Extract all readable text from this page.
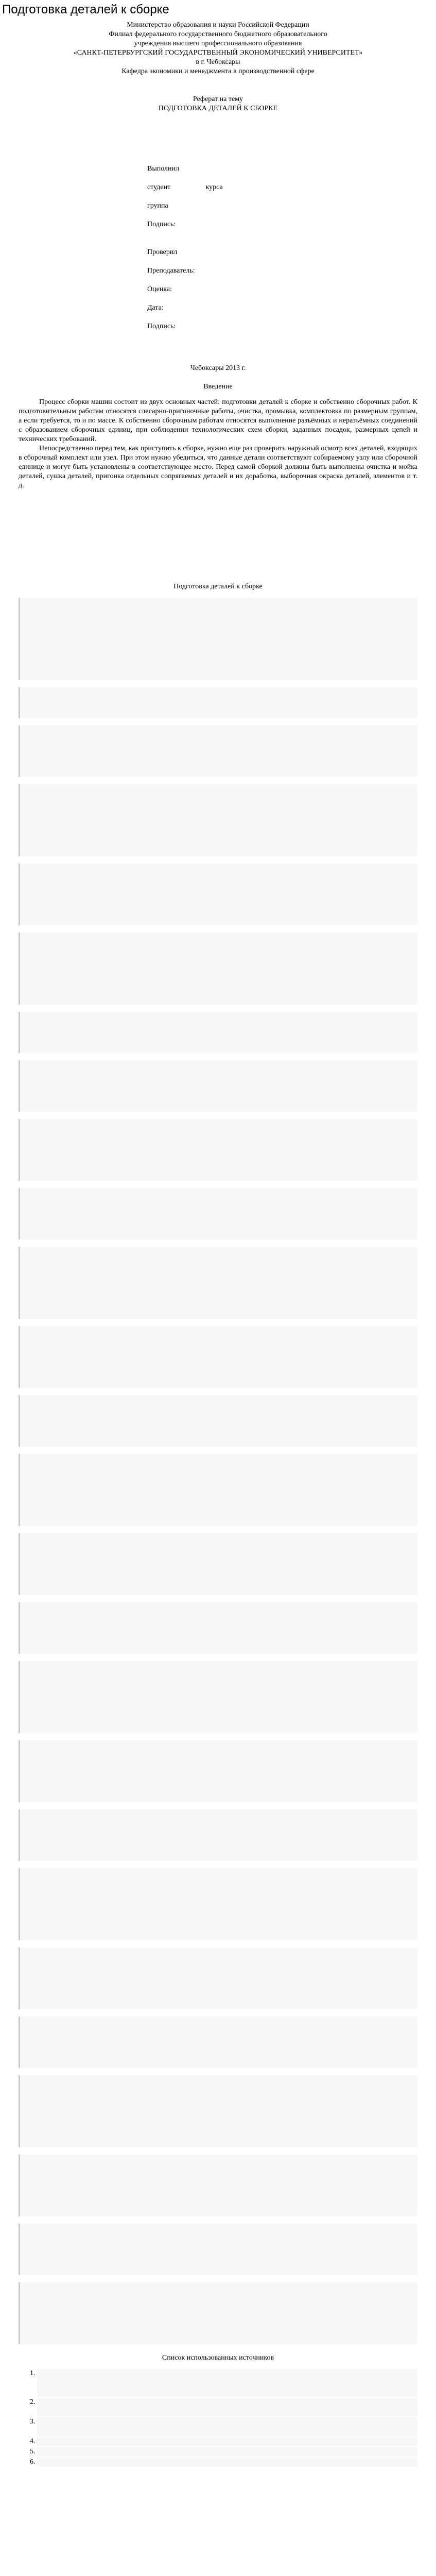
Подготовка деталей к сборке

Министерство образования и науки Российской Федерации

Филиал федерального государственного бюджетного образовательного

учреждения высшего профессионального образования

«САНКТ-ПЕТЕРБУРГСКИЙ ГОСУДАРСТВЕННЫЙ ЭКОНОМИЧЕСКИЙ УНИВЕРСИТЕТ»

в г. Чебоксары

Кафедра экономики и менеджмента в производственной сфере

Реферат на тему

ПОДГОТОВКА ДЕТАЛЕЙ К СБОРКЕ

Выполнил
студент	курса
группа
Подпись:
Проверил
Преподаватель:
Оценка:
Дата:
Подпись:

Чебоксары 2013 г.

Введение

Процесс сборки машин состоит из двух основных частей: подготовки деталей к сборке и собственно сборочных работ. К подготовительным работам относятся слесарно-пригоночные работы, очистка, промывка, комплектовка по размерным группам, а если требуется, то и по массе. К собственно сборочным работам относятся выполнение разъёмных и неразъёмных соединений с образованием сборочных единиц, при соблюдении технологических схем сборки, заданных посадок, размерных цепей и технических требований.

Непосредственно перед тем, как приступить к сборке, нужно еще раз проверить наружный осмотр всех деталей, входящих в сборочный комплект или узел. При этом нужно убедиться, что данные детали соответствуют собираемому узлу или сборочной единице и могут быть установлены в соответствующее место. Перед самой сборкой должны быть выполнены очистка и мойка деталей, сушка деталей, пригонка отдельных сопрягаемых деталей и их доработка, выборочная окраска деталей, элементов и т. д.

Подготовка деталей к сборке

Список использованных источников

1.
2.
3.
4.
5.
6.
